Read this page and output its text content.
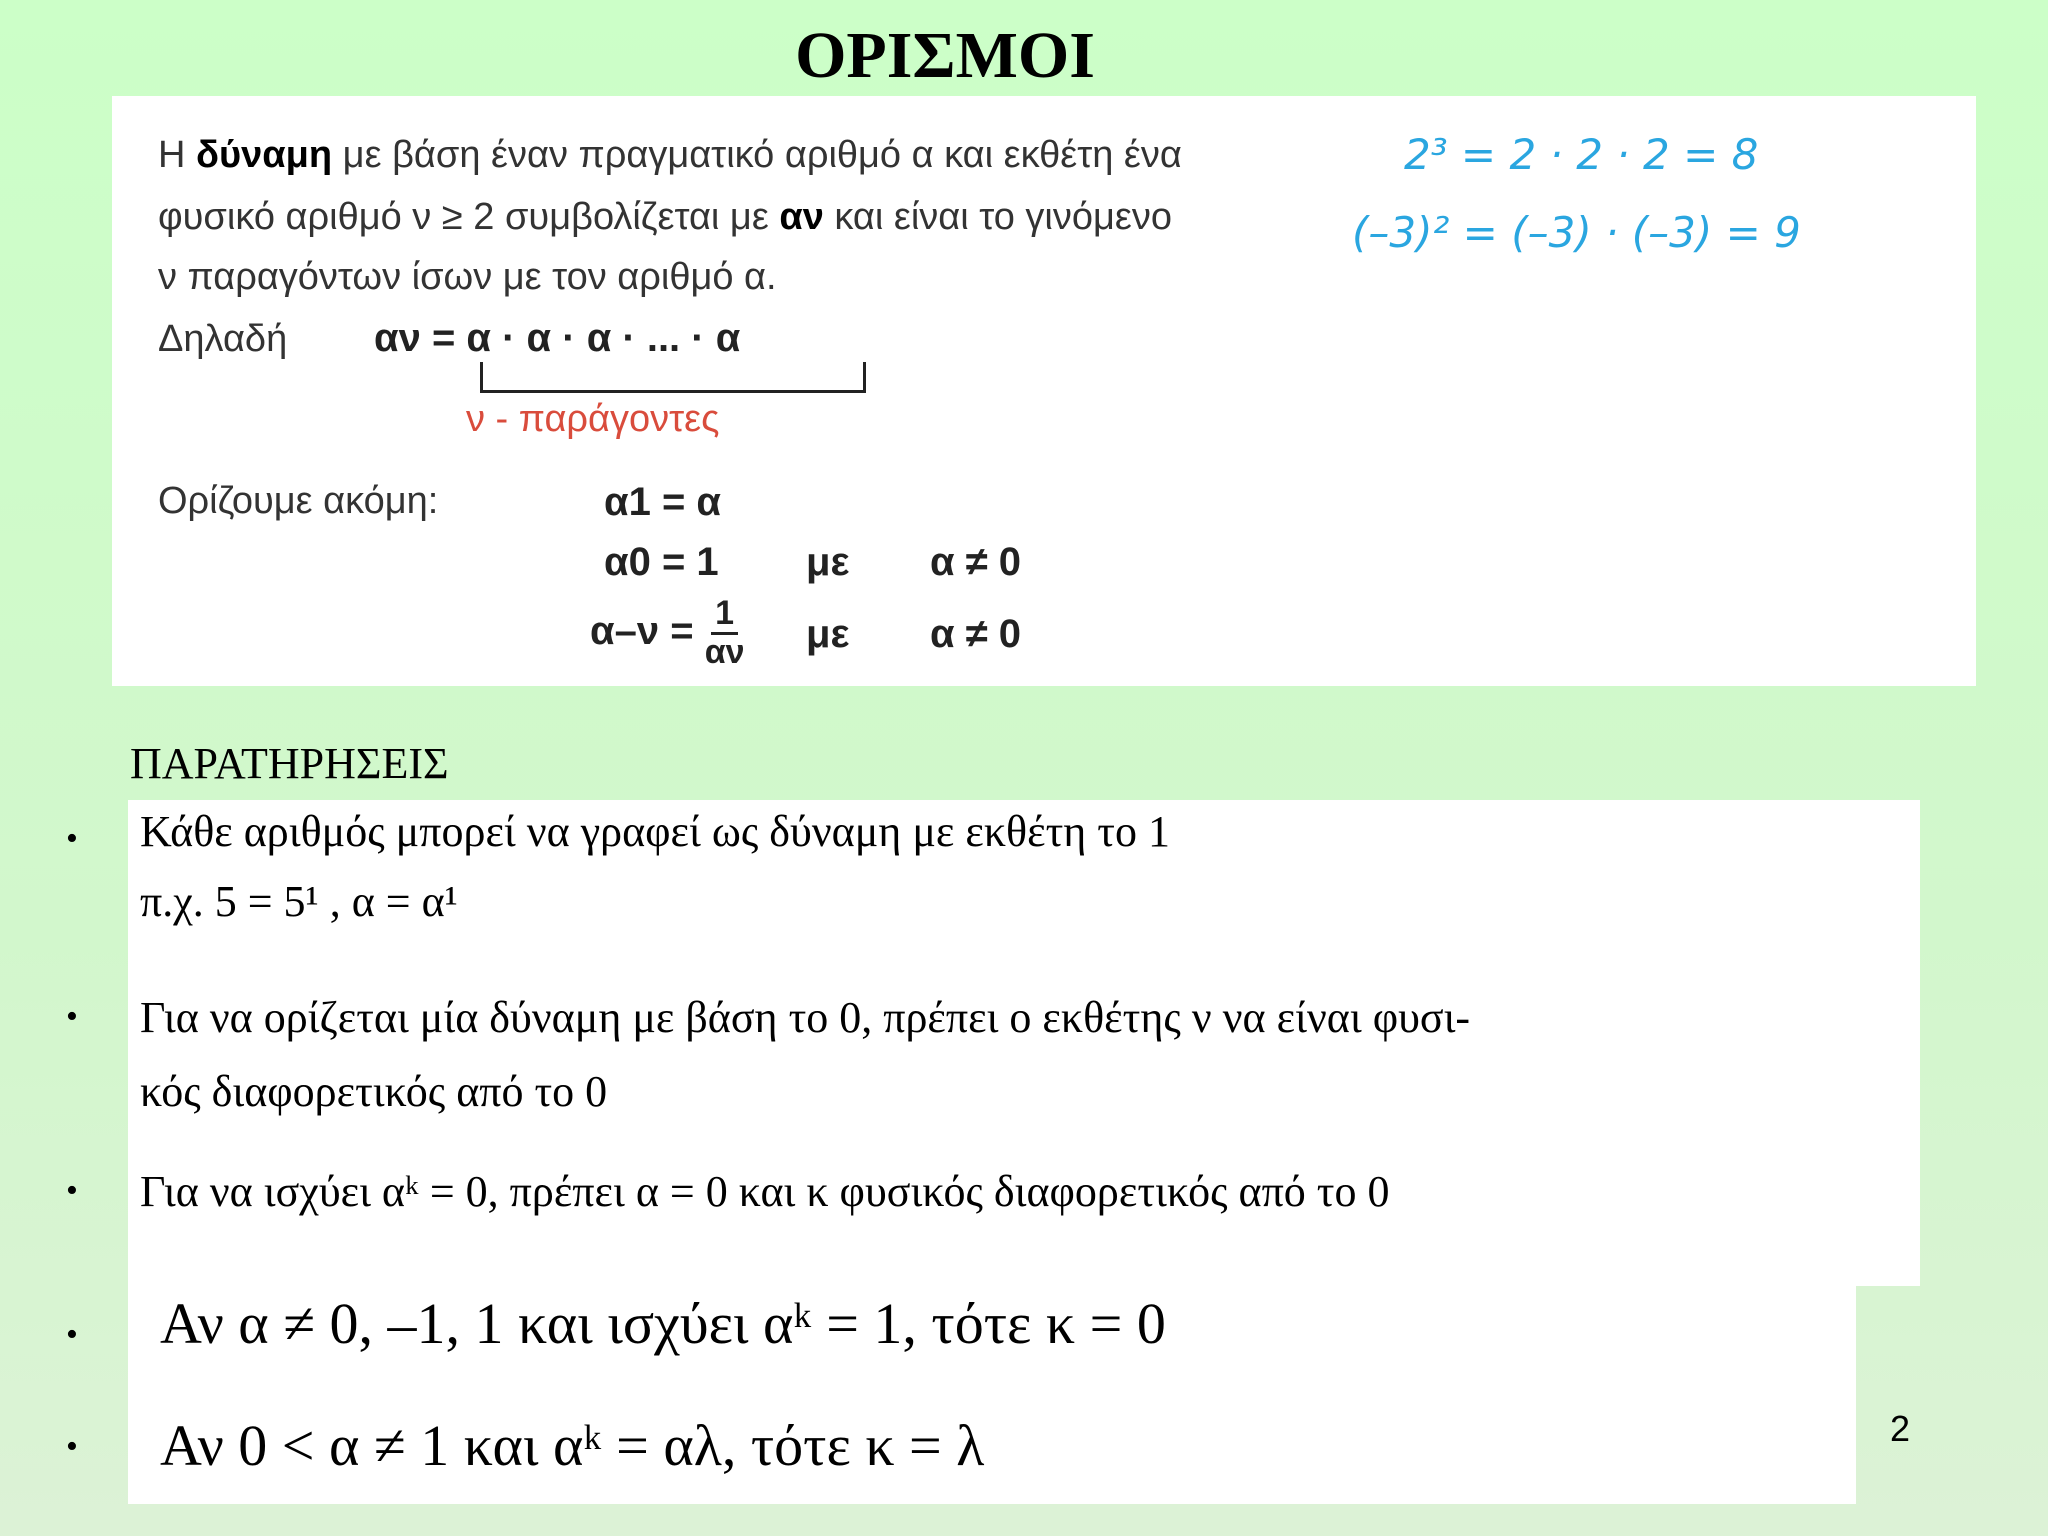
ΟΡΙΣΜΟΙ
Η δύναμη με βάση έναν πραγματικό αριθμό α και εκθέτη ένα
φυσικό αριθμό ν ≥ 2 συμβολίζεται με αν και είναι το γινόμενο
ν παραγόντων ίσων με τον αριθμό α.
Δηλαδή αν = α · α · α · ... · α
ν - παράγοντες
Ορίζουμε ακόμη:	α1 = α
α0 = 1 με α ≠ 0
$\alpha-\nu = \frac{1}{\alpha\nu}$ με α ≠ 0
2³ = 2 · 2 · 2 = 8
(–3)² = (–3) · (–3) = 9
ΠΑΡΑΤΗΡΗΣΕΙΣ
•
•
•
•
•
Κάθε αριθμός μπορεί να γραφεί ως δύναμη με εκθέτη το 1
π.χ. 5 = 5¹ , α = α¹
Για να ορίζεται μία δύναμη με βάση το 0, πρέπει ο εκθέτης ν να είναι φυσι-
κός διαφορετικός από το 0
Για να ισχύει αᵏ = 0, πρέπει α = 0 και κ φυσικός διαφορετικός από το 0
Αν α ≠ 0, –1, 1 και ισχύει αᵏ = 1, τότε κ = 0
Αν 0 < α ≠ 1 και αᵏ = αλ, τότε κ = λ	2
